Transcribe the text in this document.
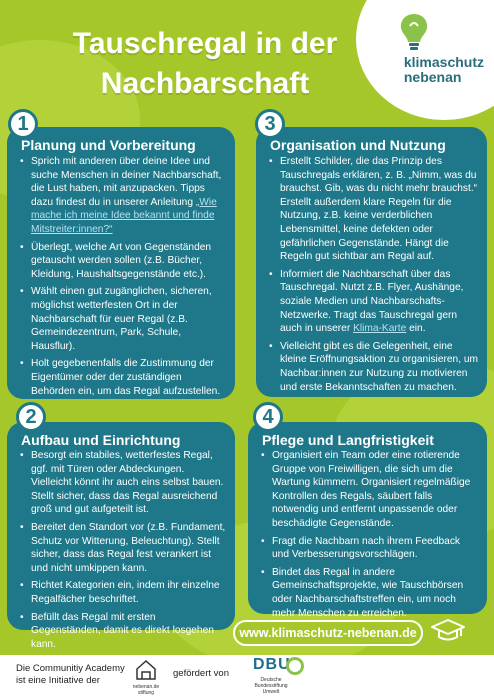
klimaschutz
nebenan
Tauschregal in der Nachbarschaft
Planung und Vorbereitung
• Sprich mit anderen über deine Idee und suche Menschen in deiner Nachbarschaft, die Lust haben, mit anzupacken. Tipps dazu findest du in unserer Anleitung „Wie mache ich meine Idee bekannt und finde Mitstreiter:innen?“
• Überlegt, welche Art von Gegenständen getauscht werden sollen (z.B. Bücher, Kleidung, Haushaltsgegenstände etc.).
• Wählt einen gut zugänglichen, sicheren, möglichst wetterfesten Ort in der Nachbarschaft für euer Regal (z.B. Gemeindezentrum, Park, Schule, Hausflur).
• Holt gegebenenfalls die Zustimmung der Eigentümer oder der zuständigen Behörden ein, um das Regal aufzustellen.
1
Organisation und Nutzung
• Erstellt Schilder, die das Prinzip des Tauschregals erklären, z. B. „Nimm, was du brauchst. Gib, was du nicht mehr brauchst.“ Erstellt außerdem klare Regeln für die Nutzung, z.B. keine verderblichen Lebensmittel, keine defekten oder gefährlichen Gegenstände. Hängt die Regeln gut sichtbar am Regal auf.
• Informiert die Nachbarschaft über das Tauschregal. Nutzt z.B. Flyer, Aushänge, soziale Medien und Nachbarschafts-Netzwerke. Tragt das Tauschregal gern auch in unserer Klima-Karte ein.
• Vielleicht gibt es die Gelegenheit, eine kleine Eröffnungsaktion zu organisieren, um Nachbar:innen zur Nutzung zu motivieren und erste Bekanntschaften zu machen.
3
Aufbau und Einrichtung
• Besorgt ein stabiles, wetterfestes Regal, ggf. mit Türen oder Abdeckungen. Vielleicht könnt ihr auch eins selbst bauen. Stellt sicher, dass das Regal ausreichend groß und gut aufgeteilt ist.
• Bereitet den Standort vor (z.B. Fundament, Schutz vor Witterung, Beleuchtung). Stellt sicher, dass das Regal fest verankert ist und nicht umkippen kann.
• Richtet Kategorien ein, indem ihr einzelne Regalfächer beschriftet.
• Befüllt das Regal mit ersten Gegenständen, damit es direkt losgehen kann.
2
Pflege und Langfristigkeit
• Organisiert ein Team oder eine rotierende Gruppe von Freiwilligen, die sich um die Wartung kümmern. Organisiert regelmäßige Kontrollen des Regals, säubert falls notwendig und entfernt unpassende oder beschädigte Gegenstände.
• Fragt die Nachbarn nach ihrem Feedback und Verbesserungsvorschlägen.
• Bindet das Regal in andere Gemeinschaftsprojekte, wie Tauschbörsen oder Nachbarschaftstreffen ein, um noch mehr Menschen zu erreichen.
4
www.klimaschutz-nebenan.de
Die Communitiy Academy ist eine Initiative der
nebenan.de stiftung
gefördert von
DBU
Deutsche Bundesstiftung Umwelt
